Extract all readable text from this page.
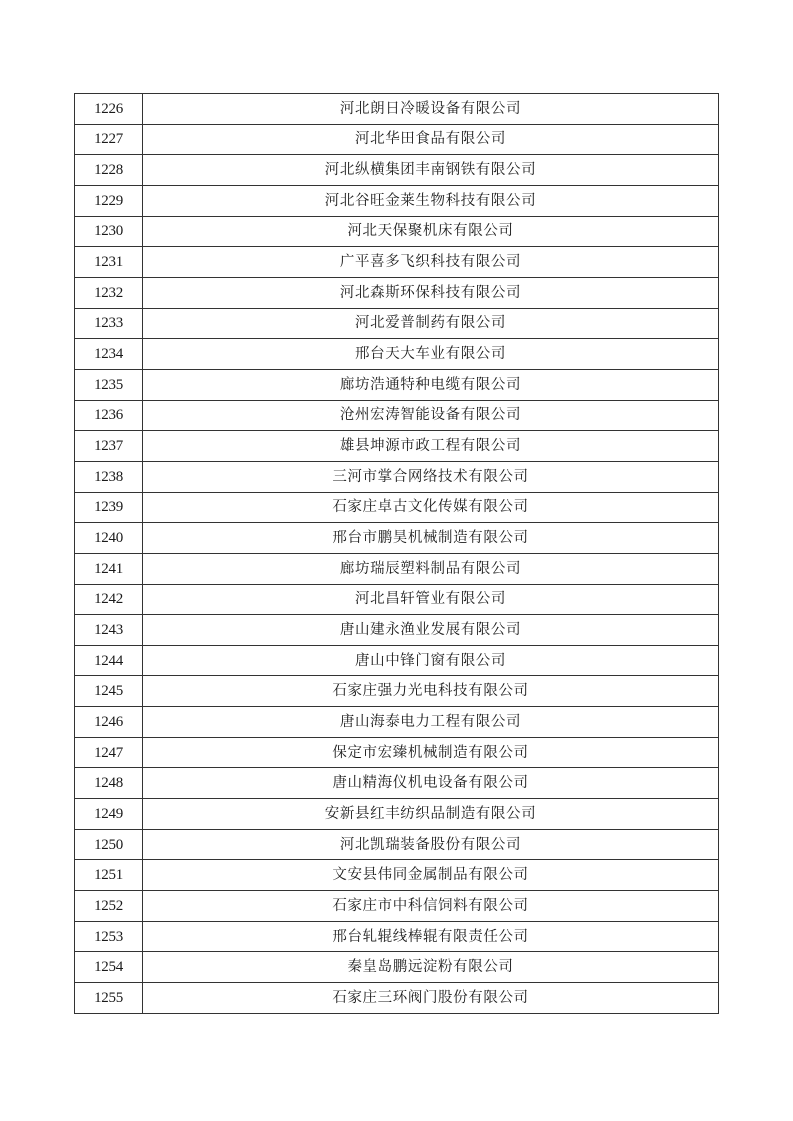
1226	河北朗日冷暖设备有限公司
1227	河北华田食品有限公司
1228	河北纵横集团丰南钢铁有限公司
1229	河北谷旺金莱生物科技有限公司
1230	河北天保聚机床有限公司
1231	广平喜多飞织科技有限公司
1232	河北森斯环保科技有限公司
1233	河北爱普制药有限公司
1234	邢台天大车业有限公司
1235	廊坊浩通特种电缆有限公司
1236	沧州宏涛智能设备有限公司
1237	雄县坤源市政工程有限公司
1238	三河市掌合网络技术有限公司
1239	石家庄卓古文化传媒有限公司
1240	邢台市鹏昊机械制造有限公司
1241	廊坊瑞辰塑料制品有限公司
1242	河北昌轩管业有限公司
1243	唐山建永渔业发展有限公司
1244	唐山中锋门窗有限公司
1245	石家庄强力光电科技有限公司
1246	唐山海泰电力工程有限公司
1247	保定市宏臻机械制造有限公司
1248	唐山精海仪机电设备有限公司
1249	安新县红丰纺织品制造有限公司
1250	河北凯瑞装备股份有限公司
1251	文安县伟同金属制品有限公司
1252	石家庄市中科信饲料有限公司
1253	邢台轧辊线棒辊有限责任公司
1254	秦皇岛鹏远淀粉有限公司
1255	石家庄三环阀门股份有限公司
